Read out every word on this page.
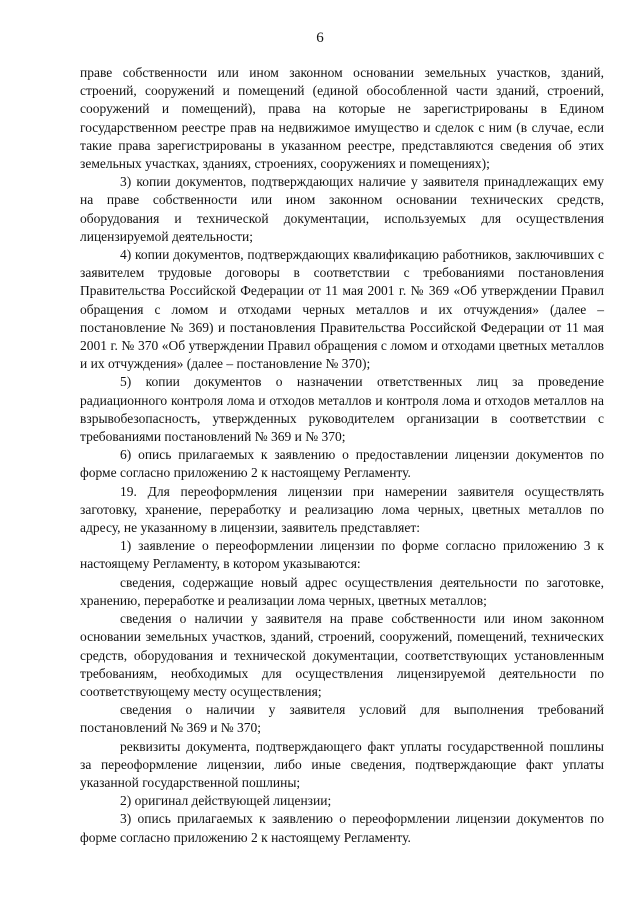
6

праве собственности или ином законном основании земельных участков, зданий, строений, сооружений и помещений (единой обособленной части зданий, строений, сооружений и помещений), права на которые не зарегистрированы в Едином государственном реестре прав на недвижимое имущество и сделок с ним (в случае, если такие права зарегистрированы в указанном реестре, представляются сведения об этих земельных участках, зданиях, строениях, сооружениях и помещениях);

3) копии документов, подтверждающих наличие у заявителя принадлежащих ему на праве собственности или ином законном основании технических средств, оборудования и технической документации, используемых для осуществления лицензируемой деятельности;

4) копии документов, подтверждающих квалификацию работников, заключивших с заявителем трудовые договоры в соответствии с требованиями постановления Правительства Российской Федерации от 11 мая 2001 г. № 369 «Об утверждении Правил обращения с ломом и отходами черных металлов и их отчуждения» (далее – постановление № 369) и постановления Правительства Российской Федерации от 11 мая 2001 г. № 370 «Об утверждении Правил обращения с ломом и отходами цветных металлов и их отчуждения» (далее – постановление № 370);

5) копии документов о назначении ответственных лиц за проведение радиационного контроля лома и отходов металлов и контроля лома и отходов металлов на взрывобезопасность, утвержденных руководителем организации в соответствии с требованиями постановлений № 369 и № 370;

6) опись прилагаемых к заявлению о предоставлении лицензии документов по форме согласно приложению 2 к настоящему Регламенту.

19. Для переоформления лицензии при намерении заявителя осуществлять заготовку, хранение, переработку и реализацию лома черных, цветных металлов по адресу, не указанному в лицензии, заявитель представляет:

1) заявление о переоформлении лицензии по форме согласно приложению 3 к настоящему Регламенту, в котором указываются:

сведения, содержащие новый адрес осуществления деятельности по заготовке, хранению, переработке и реализации лома черных, цветных металлов;

сведения о наличии у заявителя на праве собственности или ином законном основании земельных участков, зданий, строений, сооружений, помещений, технических средств, оборудования и технической документации, соответствующих установленным требованиям, необходимых для осуществления лицензируемой деятельности по соответствующему месту осуществления;

сведения о наличии у заявителя условий для выполнения требований постановлений № 369 и № 370;

реквизиты документа, подтверждающего факт уплаты государственной пошлины за переоформление лицензии, либо иные сведения, подтверждающие факт уплаты указанной государственной пошлины;

2) оригинал действующей лицензии;

3) опись прилагаемых к заявлению о переоформлении лицензии документов по форме согласно приложению 2 к настоящему Регламенту.
